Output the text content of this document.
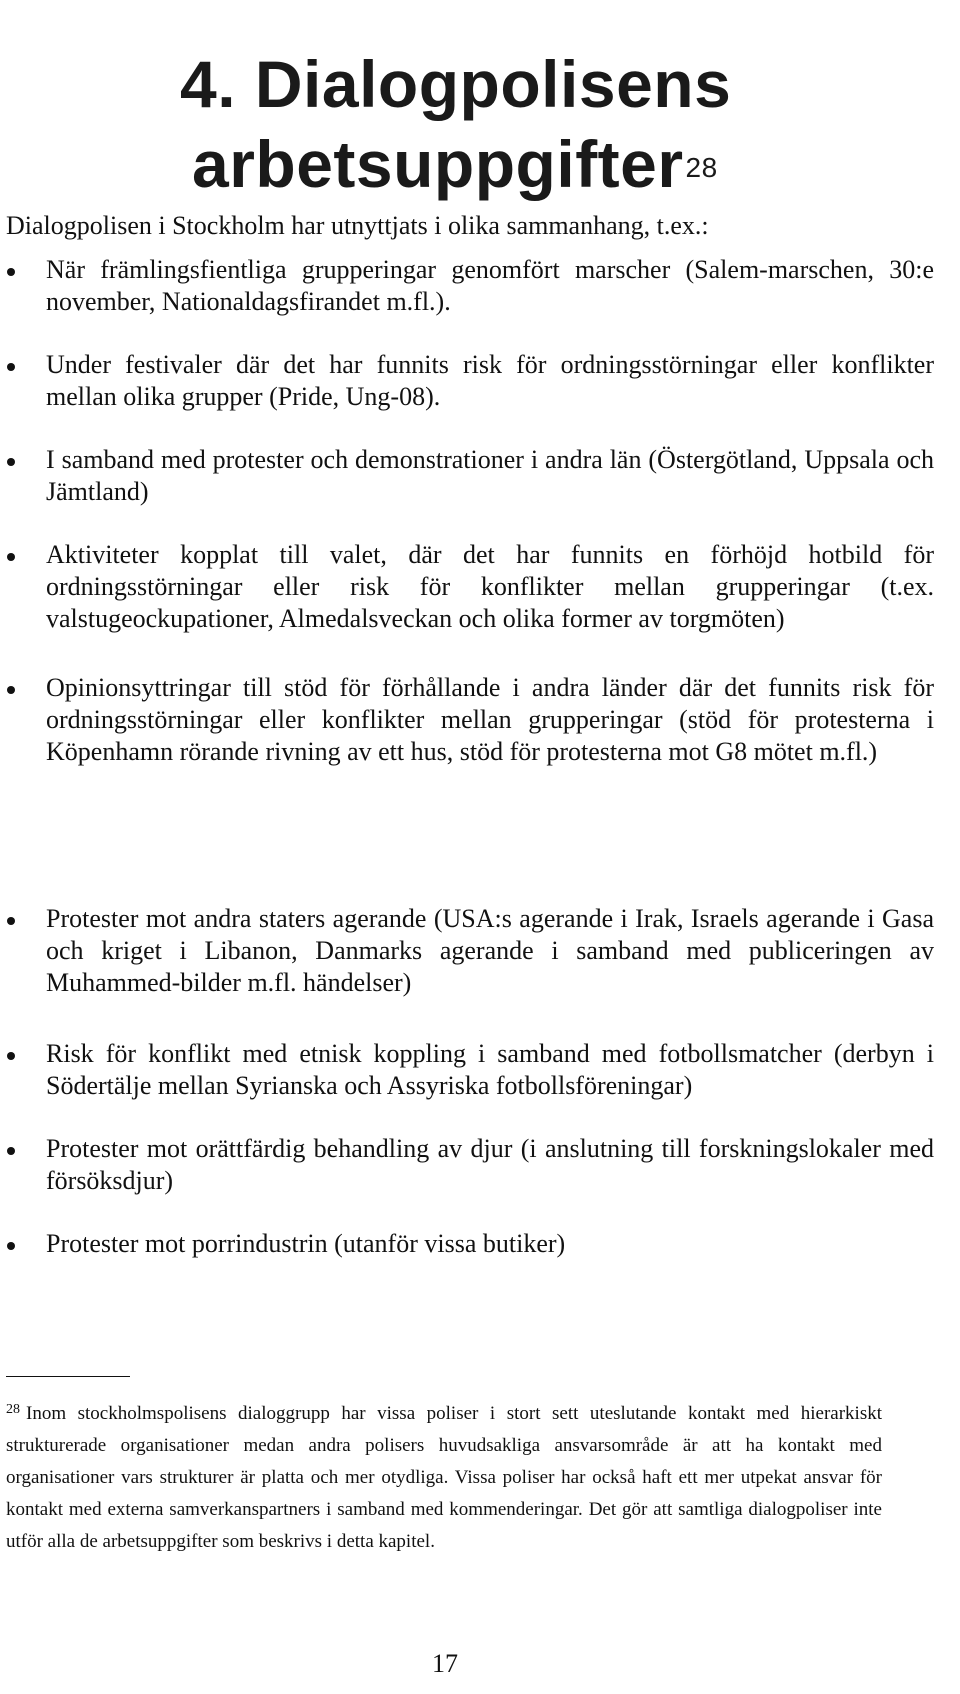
4. Dialogpolisens
arbetsuppgifter$^{28}$

Dialogpolisen i Stockholm har utnyttjats i olika sammanhang, t.ex.:

När främlingsfientliga grupperingar genomfört marscher (Salem-marschen, 30:e november, Nationaldagsfirandet m.fl.).
Under festivaler där det har funnits risk för ordningsstörningar eller konflikter mellan olika grupper (Pride, Ung-08).
I samband med protester och demonstrationer i andra län (Östergötland, Uppsala och Jämtland)
Aktiviteter kopplat till valet, där det har funnits en förhöjd hotbild för ordningsstörningar eller risk för konflikter mellan grupperingar (t.ex. valstugeockupationer, Almedalsveckan och olika former av torgmöten)
Opinionsyttringar till stöd för förhållande i andra länder där det funnits risk för ordningsstörningar eller konflikter mellan grupperingar (stöd för protesterna i Köpenhamn rörande rivning av ett hus, stöd för protesterna mot G8 mötet m.fl.)
Protester mot andra staters agerande (USA:s agerande i Irak, Israels agerande i Gasa och kriget i Libanon, Danmarks agerande i samband med publiceringen av Muhammed-bilder m.fl. händelser)
Risk för konflikt med etnisk koppling i samband med fotbollsmatcher (derbyn i Södertälje mellan Syrianska och Assyriska fotbollsföreningar)
Protester mot orättfärdig behandling av djur (i anslutning till forskningslokaler med försöksdjur)
Protester mot porrindustrin (utanför vissa butiker)

$^{28}$ Inom stockholmspolisens dialoggrupp har vissa poliser i stort sett uteslutande kontakt med hierarkiskt strukturerade organisationer medan andra polisers huvudsakliga ansvarsområde är att ha kontakt med organisationer vars strukturer är platta och mer otydliga. Vissa poliser har också haft ett mer utpekat ansvar för kontakt med externa samverkanspartners i samband med kommenderingar. Det gör att samtliga dialogpoliser inte utför alla de arbetsuppgifter som beskrivs i detta kapitel.

17
